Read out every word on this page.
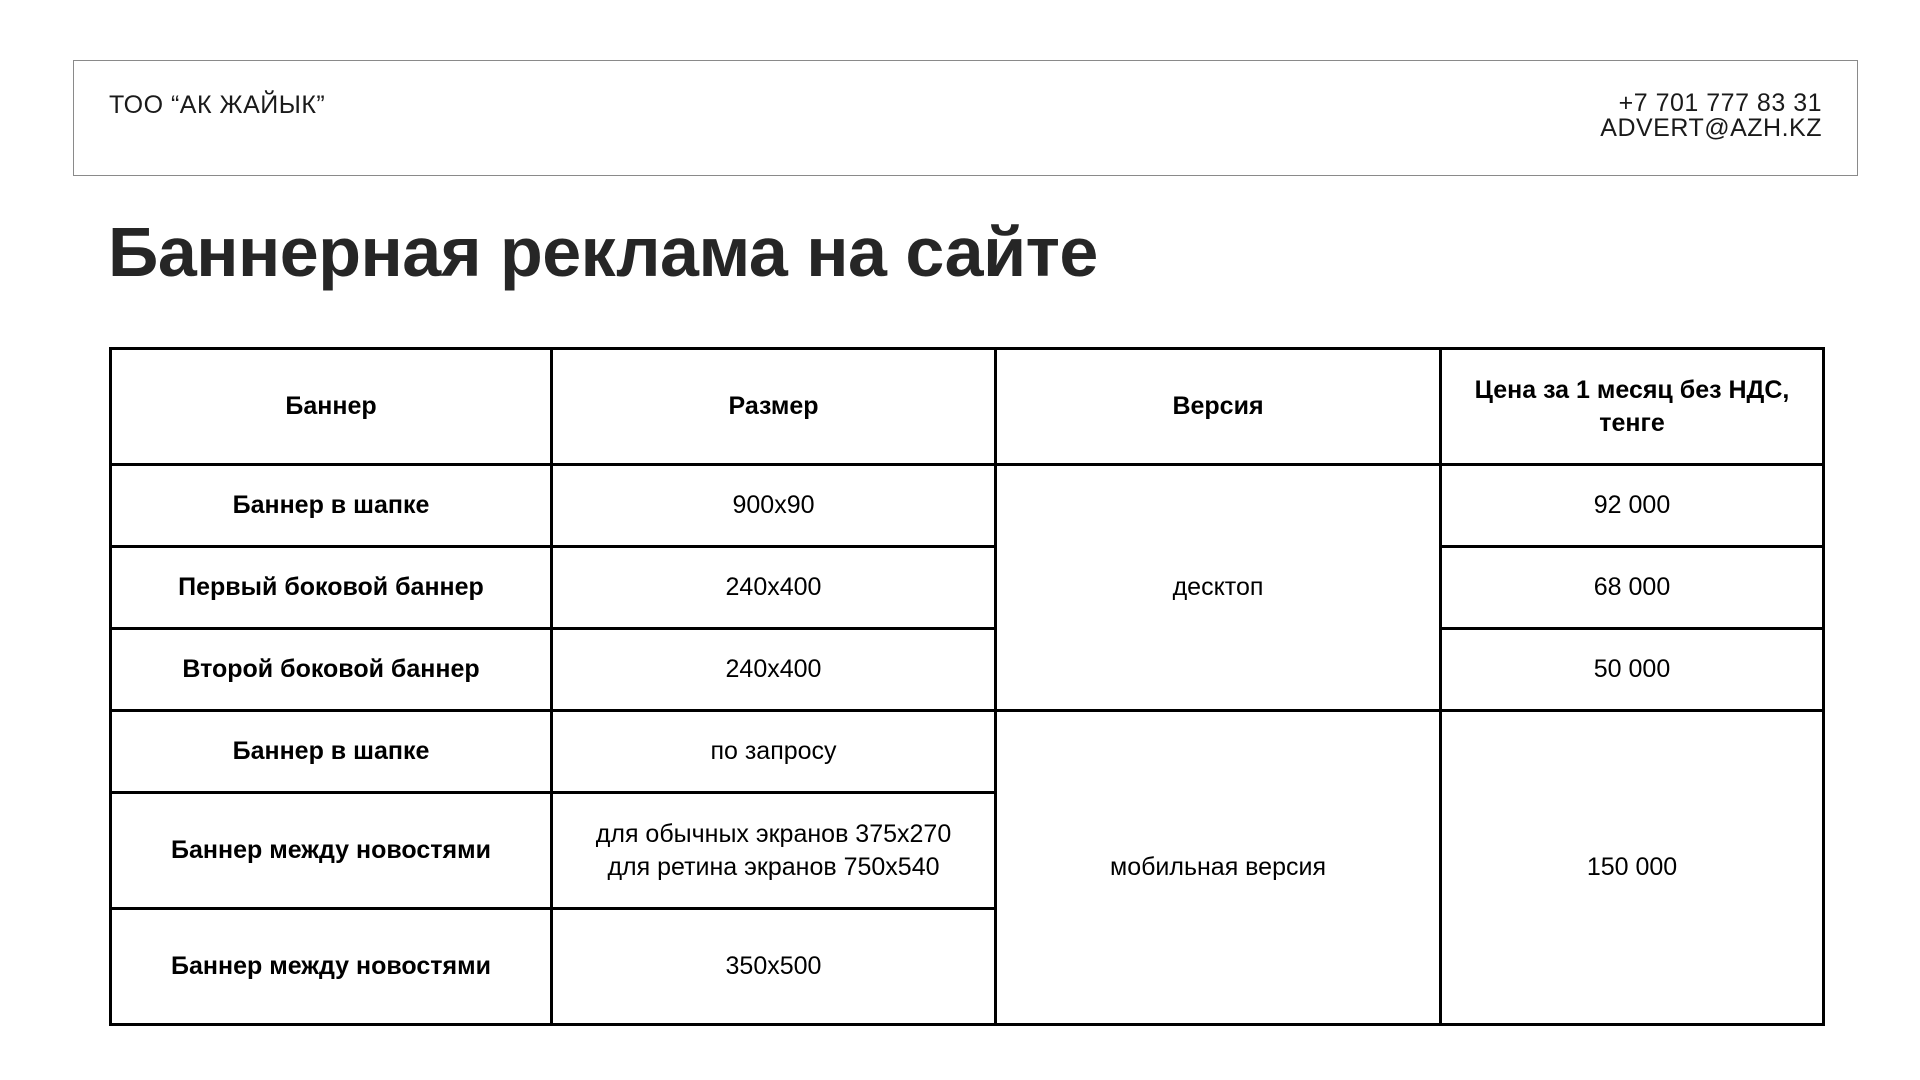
ТОО “АК ЖАЙЫК”	+7 701 777 83 31
ADVERT@AZH.KZ
Баннерная реклама на сайте
Баннер	Размер	Версия	Цена за 1 месяц без НДС, тенге
Баннер в шапке	900x90	десктоп	92 000
Первый боковой баннер	240x400		68 000
Второй боковой баннер	240x400		50 000
Баннер в шапке	по запросу	мобильная версия	150 000
Баннер между новостями	для обычных экранов 375x270
для ретина экранов 750x540		

Баннер между новостями	350x500		
